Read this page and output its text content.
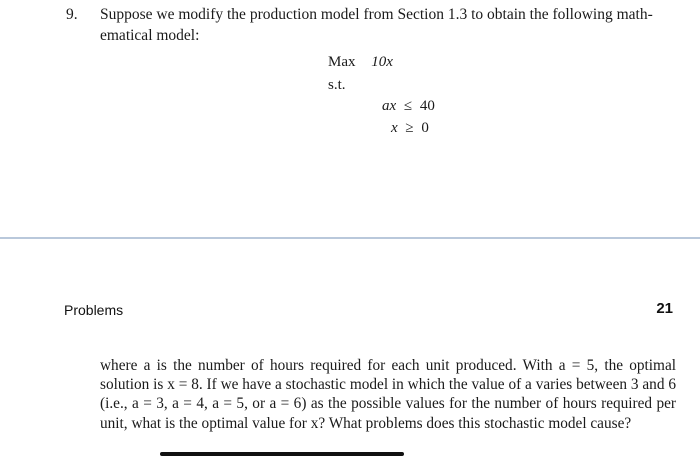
9. Suppose we modify the production model from Section 1.3 to obtain the following math-ematical model:
Max 10x
s.t.
ax ≤ 40
x ≥ 0
Problems	21
where a is the number of hours required for each unit produced. With a = 5, the optimal solution is x = 8. If we have a stochastic model in which the value of a varies between 3 and 6 (i.e., a = 3, a = 4, a = 5, or a = 6) as the possible values for the number of hours required per unit, what is the optimal value for x? What problems does this stochastic model cause?
